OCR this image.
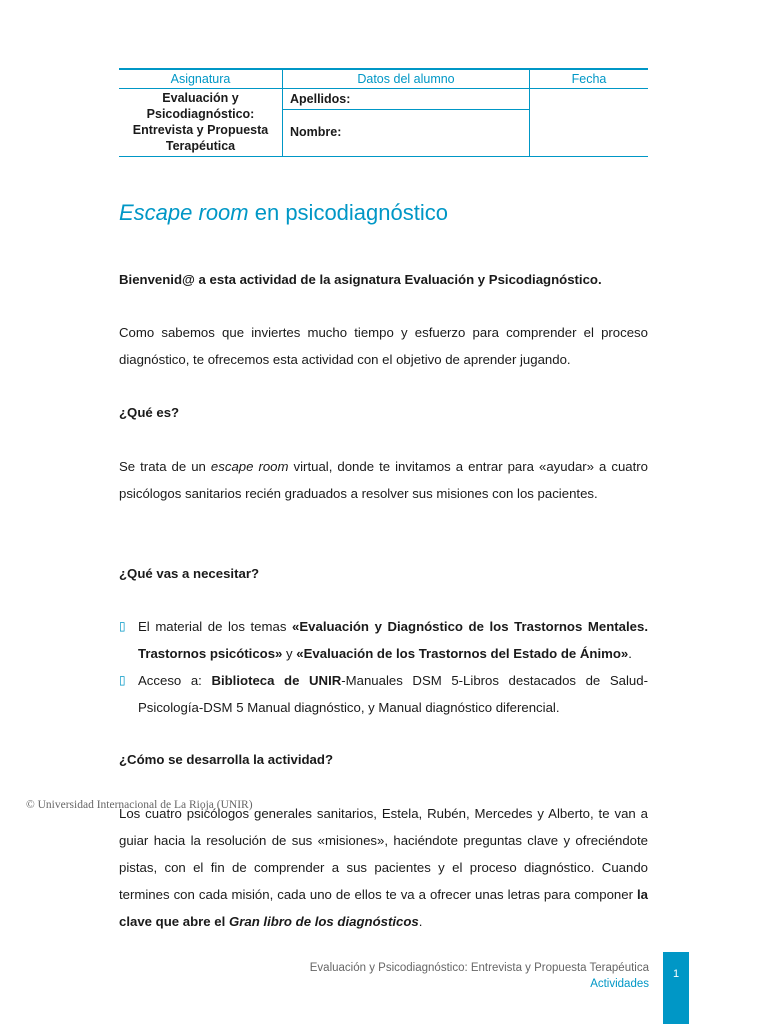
Asignatura	Datos del alumno	Fecha
Evaluación y Psicodiagnóstico: Entrevista y Propuesta Terapéutica	Apellidos:	
	Nombre:	
Escape room en psicodiagnóstico

Bienvenid@ a esta actividad de la asignatura Evaluación y Psicodiagnóstico.

Como sabemos que inviertes mucho tiempo y esfuerzo para comprender el proceso diagnóstico, te ofrecemos esta actividad con el objetivo de aprender jugando.

¿Qué es?

Se trata de un escape room virtual, donde te invitamos a entrar para «ayudar» a cuatro psicólogos sanitarios recién graduados a resolver sus misiones con los pacientes.

¿Qué vas a necesitar?

▯ El material de los temas «Evaluación y Diagnóstico de los Trastornos Mentales. Trastornos psicóticos» y «Evaluación de los Trastornos del Estado de Ánimo».
▯ Acceso a: Biblioteca de UNIR-Manuales DSM 5-Libros destacados de Salud-Psicología-DSM 5 Manual diagnóstico, y Manual diagnóstico diferencial.

¿Cómo se desarrolla la actividad?

Los cuatro psicólogos generales sanitarios, Estela, Rubén, Mercedes y Alberto, te van a guiar hacia la resolución de sus «misiones», haciéndote preguntas clave y ofreciéndote pistas, con el fin de comprender a sus pacientes y el proceso diagnóstico. Cuando termines con cada misión, cada uno de ellos te va a ofrecer unas letras para componer la clave que abre el Gran libro de los diagnósticos.

© Universidad Internacional de La Rioja (UNIR)
Evaluación y Psicodiagnóstico: Entrevista y Propuesta Terapéutica
Actividades
1
